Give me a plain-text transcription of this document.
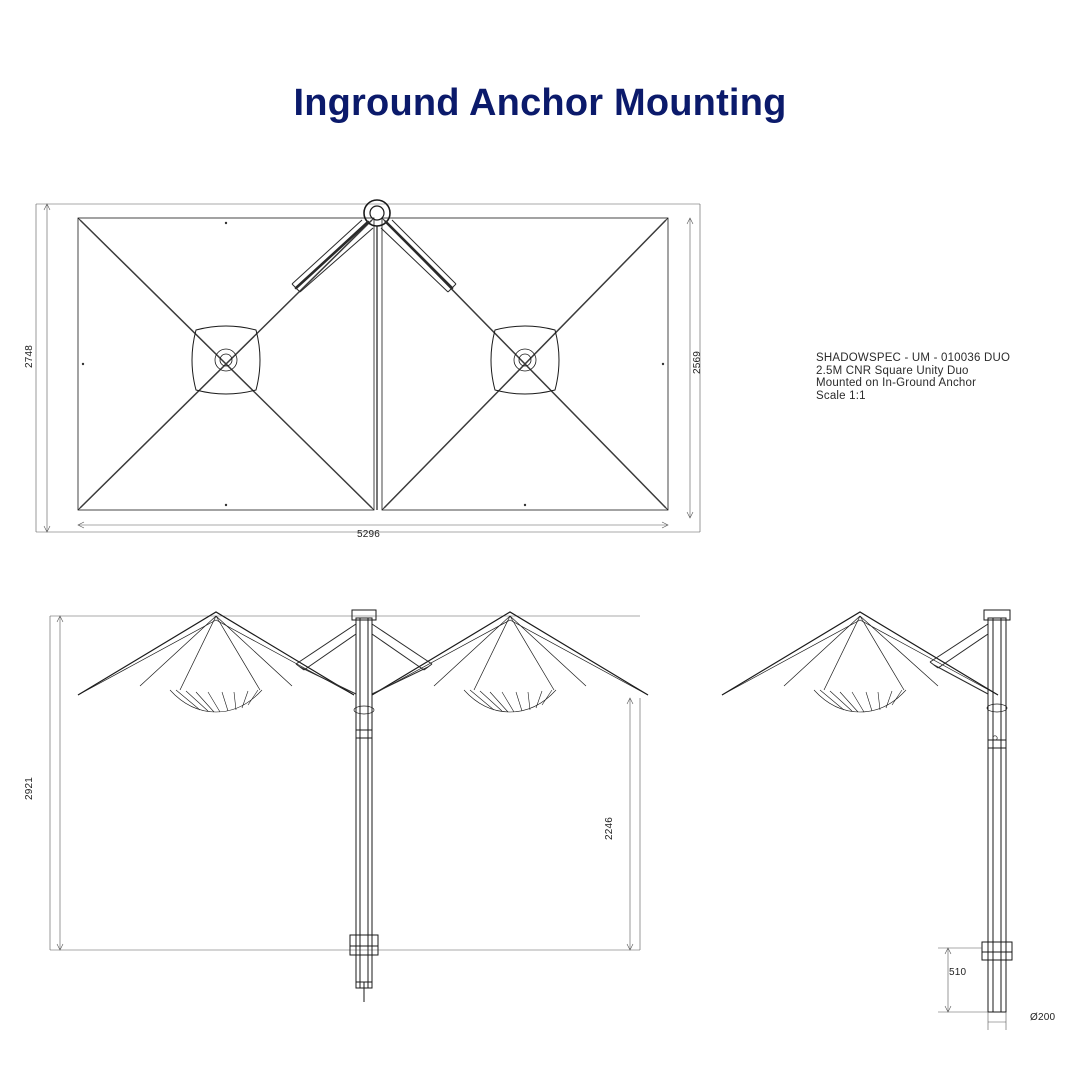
Inground Anchor Mounting
SHADOWSPEC - UM - 010036 DUO
2.5M CNR Square Unity Duo
Mounted on In-Ground Anchor
Scale 1:1
2748	2569
5296
2921
2246
510
Ø200
